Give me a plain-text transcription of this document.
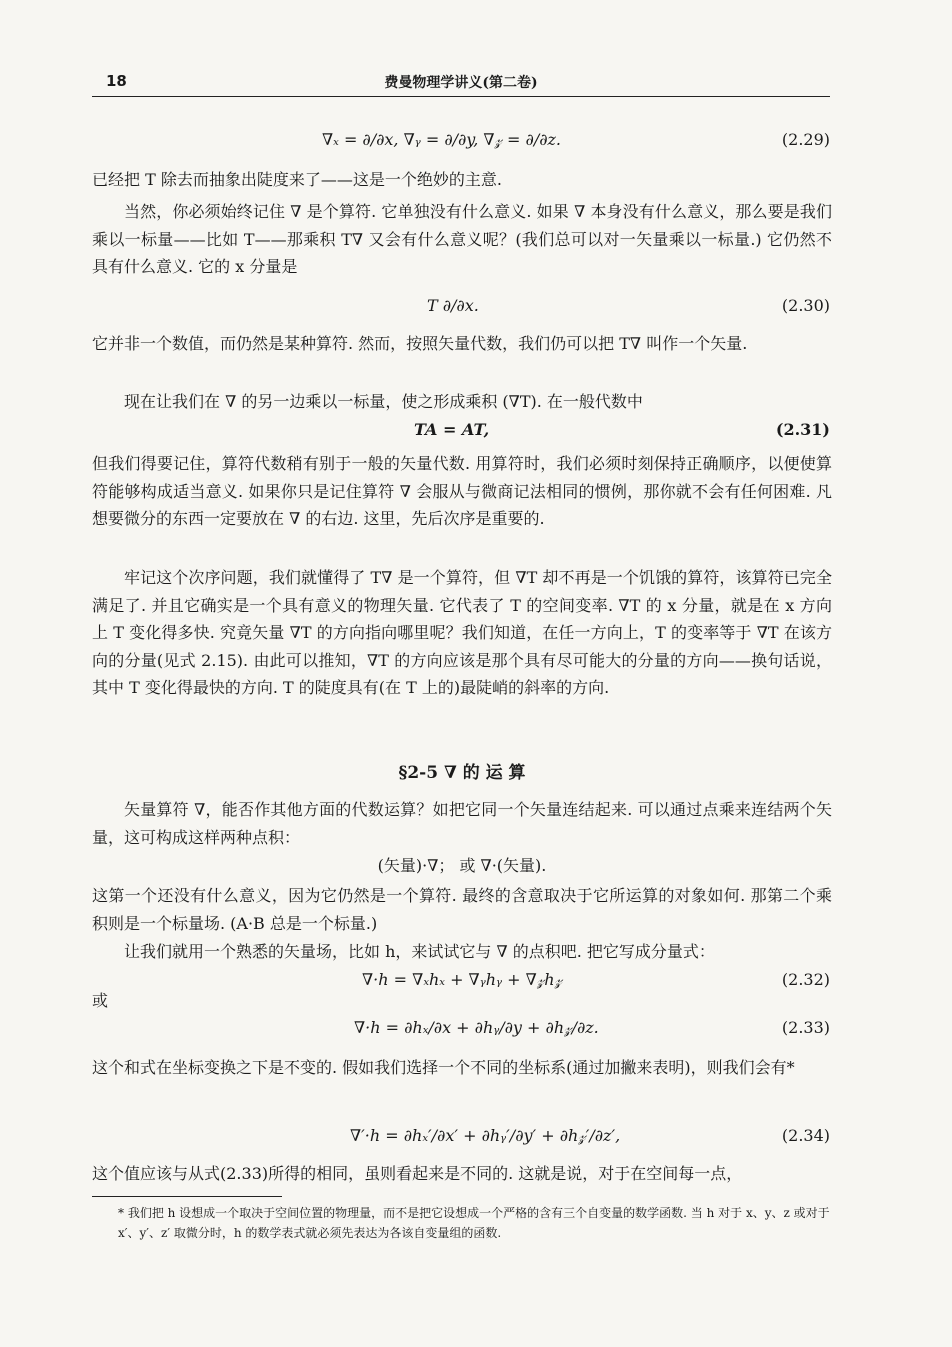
18	费曼物理学讲义(第二卷)
∇ₓ = ∂/∂x, ∇ᵧ = ∂/∂y, ∇𝓏 = ∂/∂z.	(2.29)

已经把 T 除去而抽象出陡度来了——这是一个绝妙的主意.

当然，你必须始终记住 ∇ 是个算符. 它单独没有什么意义. 如果 ∇ 本身没有什么意义，那么要是我们乘以一标量——比如 T——那乘积 T∇ 又会有什么意义呢？(我们总可以对一矢量乘以一标量.) 它仍然不具有什么意义. 它的 x 分量是

T ∂/∂x.	(2.30)

它并非一个数值，而仍然是某种算符. 然而，按照矢量代数，我们仍可以把 T∇ 叫作一个矢量.

现在让我们在 ∇ 的另一边乘以一标量，使之形成乘积 (∇T). 在一般代数中

TA = AT,	(2.31)

但我们得要记住，算符代数稍有别于一般的矢量代数. 用算符时，我们必须时刻保持正确顺序，以便使算符能够构成适当意义. 如果你只是记住算符 ∇ 会服从与微商记法相同的惯例，那你就不会有任何困难. 凡想要微分的东西一定要放在 ∇ 的右边. 这里，先后次序是重要的.

牢记这个次序问题，我们就懂得了 T∇ 是一个算符，但 ∇T 却不再是一个饥饿的算符，该算符已完全满足了. 并且它确实是一个具有意义的物理矢量. 它代表了 T 的空间变率. ∇T 的 x 分量，就是在 x 方向上 T 变化得多快. 究竟矢量 ∇T 的方向指向哪里呢？我们知道，在任一方向上，T 的变率等于 ∇T 在该方向的分量(见式 2.15). 由此可以推知，∇T 的方向应该是那个具有尽可能大的分量的方向——换句话说，其中 T 变化得最快的方向. T 的陡度具有(在 T 上的)最陡峭的斜率的方向.

§2-5 ∇ 的 运 算

矢量算符 ∇，能否作其他方面的代数运算？如把它同一个矢量连结起来. 可以通过点乘来连结两个矢量，这可构成这样两种点积：

(矢量)·∇； 或 ∇·(矢量).

这第一个还没有什么意义，因为它仍然是一个算符. 最终的含意取决于它所运算的对象如何. 那第二个乘积则是一个标量场. (A·B 总是一个标量.)

让我们就用一个熟悉的矢量场，比如 h，来试试它与 ∇ 的点积吧. 把它写成分量式：

∇·h = ∇ₓhₓ + ∇ᵧhᵧ + ∇𝓏h𝓏	(2.32)
或
∇·h = ∂hₓ/∂x + ∂hᵧ/∂y + ∂h𝓏/∂z.	(2.33)

这个和式在坐标变换之下是不变的. 假如我们选择一个不同的坐标系(通过加撇来表明)，则我们会有*

∇′·h = ∂hₓ′/∂x′ + ∂hᵧ′/∂y′ + ∂h𝓏′/∂z′,	(2.34)

这个值应该与从式(2.33)所得的相同，虽则看起来是不同的. 这就是说，对于在空间每一点，

* 我们把 h 设想成一个取决于空间位置的物理量，而不是把它设想成一个严格的含有三个自变量的数学函数. 当 h 对于 x、y、z 或对于 x′、y′、z′ 取微分时，h 的数学表式就必须先表达为各该自变量组的函数.
